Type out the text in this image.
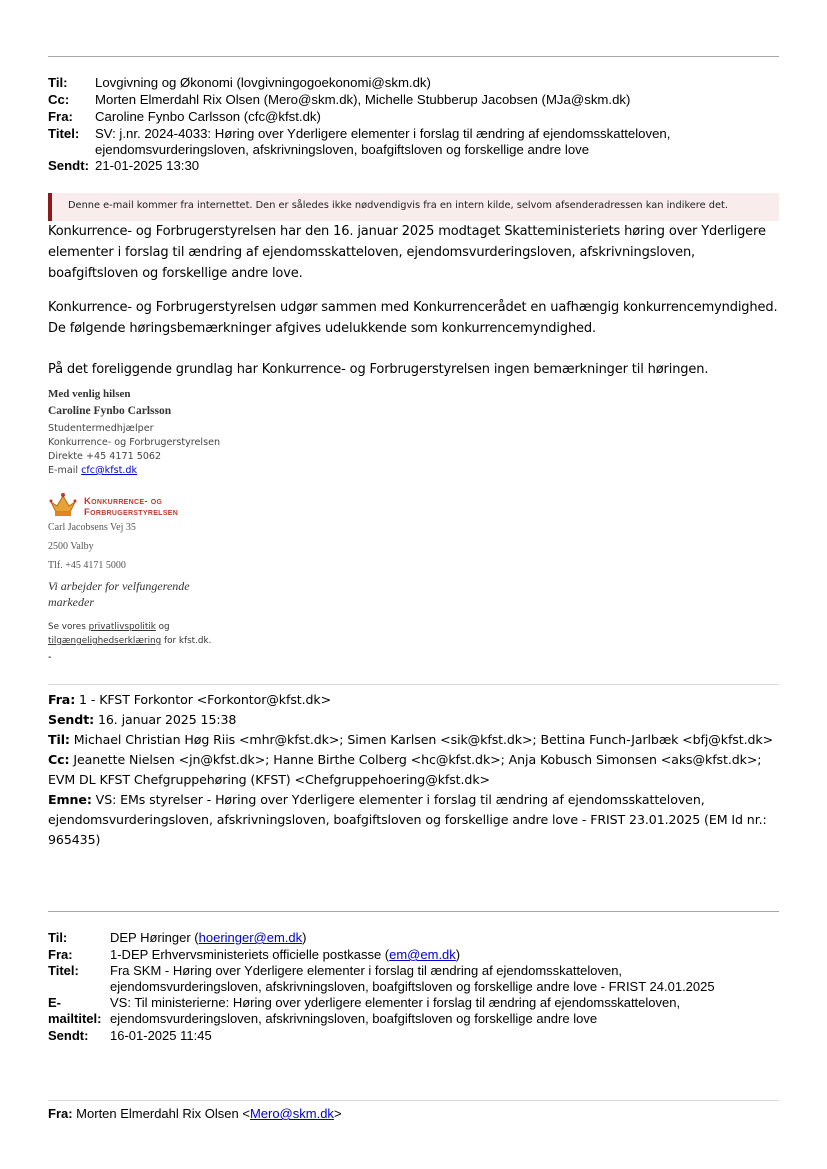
Til: Lovgivning og Økonomi (lovgivningogoekonomi@skm.dk)
Cc: Morten Elmerdahl Rix Olsen (Mero@skm.dk), Michelle Stubberup Jacobsen (MJa@skm.dk)
Fra: Caroline Fynbo Carlsson (cfc@kfst.dk)
Titel: SV: j.nr. 2024-4033: Høring over Yderligere elementer i forslag til ændring af ejendomsskatteloven,
ejendomsvurderingsloven, afskrivningsloven, boafgiftsloven og forskellige andre love
Sendt: 21-01-2025 13:30
Denne e-mail kommer fra internettet. Den er således ikke nødvendigvis fra en intern kilde, selvom afsenderadressen kan indikere det.
Konkurrence- og Forbrugerstyrelsen har den 16. januar 2025 modtaget Skatteministeriets høring over Yderligere elementer i forslag til ændring af ejendomsskatteloven, ejendomsvurderingsloven, afskrivningsloven, boafgiftsloven og forskellige andre love.
Konkurrence- og Forbrugerstyrelsen udgør sammen med Konkurrencerådet en uafhængig konkurrencemyndighed. De følgende høringsbemærkninger afgives udelukkende som konkurrencemyndighed.
På det foreliggende grundlag har Konkurrence- og Forbrugerstyrelsen ingen bemærkninger til høringen.
Med venlig hilsen
Caroline Fynbo Carlsson
Studentermedhjælper
Konkurrence- og Forbrugerstyrelsen
Direkte +45 4171 5062
E-mail cfc@kfst.dk
Konkurrence- og
Forbrugerstyrelsen
Carl Jacobsens Vej 35
2500 Valby
Tlf. +45 4171 5000
Vi arbejder for velfungerende
markeder
Se vores privatlivspolitik og
tilgængelighedserklæring for kfst.dk.
-
Fra: 1 - KFST Forkontor <Forkontor@kfst.dk>
Sendt: 16. januar 2025 15:38
Til: Michael Christian Høg Riis <mhr@kfst.dk>; Simen Karlsen <sik@kfst.dk>; Bettina Funch-Jarlbæk <bfj@kfst.dk>
Cc: Jeanette Nielsen <jn@kfst.dk>; Hanne Birthe Colberg <hc@kfst.dk>; Anja Kobusch Simonsen <aks@kfst.dk>; EVM DL KFST Chefgruppehøring (KFST) <Chefgruppehoering@kfst.dk>
Emne: VS: EMs styrelser - Høring over Yderligere elementer i forslag til ændring af ejendomsskatteloven, ejendomsvurderingsloven, afskrivningsloven, boafgiftsloven og forskellige andre love - FRIST 23.01.2025 (EM Id nr.: 965435)
Til:	DEP Høringer (hoeringer@em.dk)
Fra:	1-DEP Erhvervsministeriets officielle postkasse (em@em.dk)
Titel: Fra SKM - Høring over Yderligere elementer i forslag til ændring af ejendomsskatteloven,
ejendomsvurderingsloven, afskrivningsloven, boafgiftsloven og forskellige andre love - FRIST 24.01.2025
E-
mailtitel:
VS: Til ministerierne: Høring over yderligere elementer i forslag til ændring af ejendomsskatteloven,
ejendomsvurderingsloven, afskrivningsloven, boafgiftsloven og forskellige andre love
Sendt: 16-01-2025 11:45
Fra: Morten Elmerdahl Rix Olsen <Mero@skm.dk>
